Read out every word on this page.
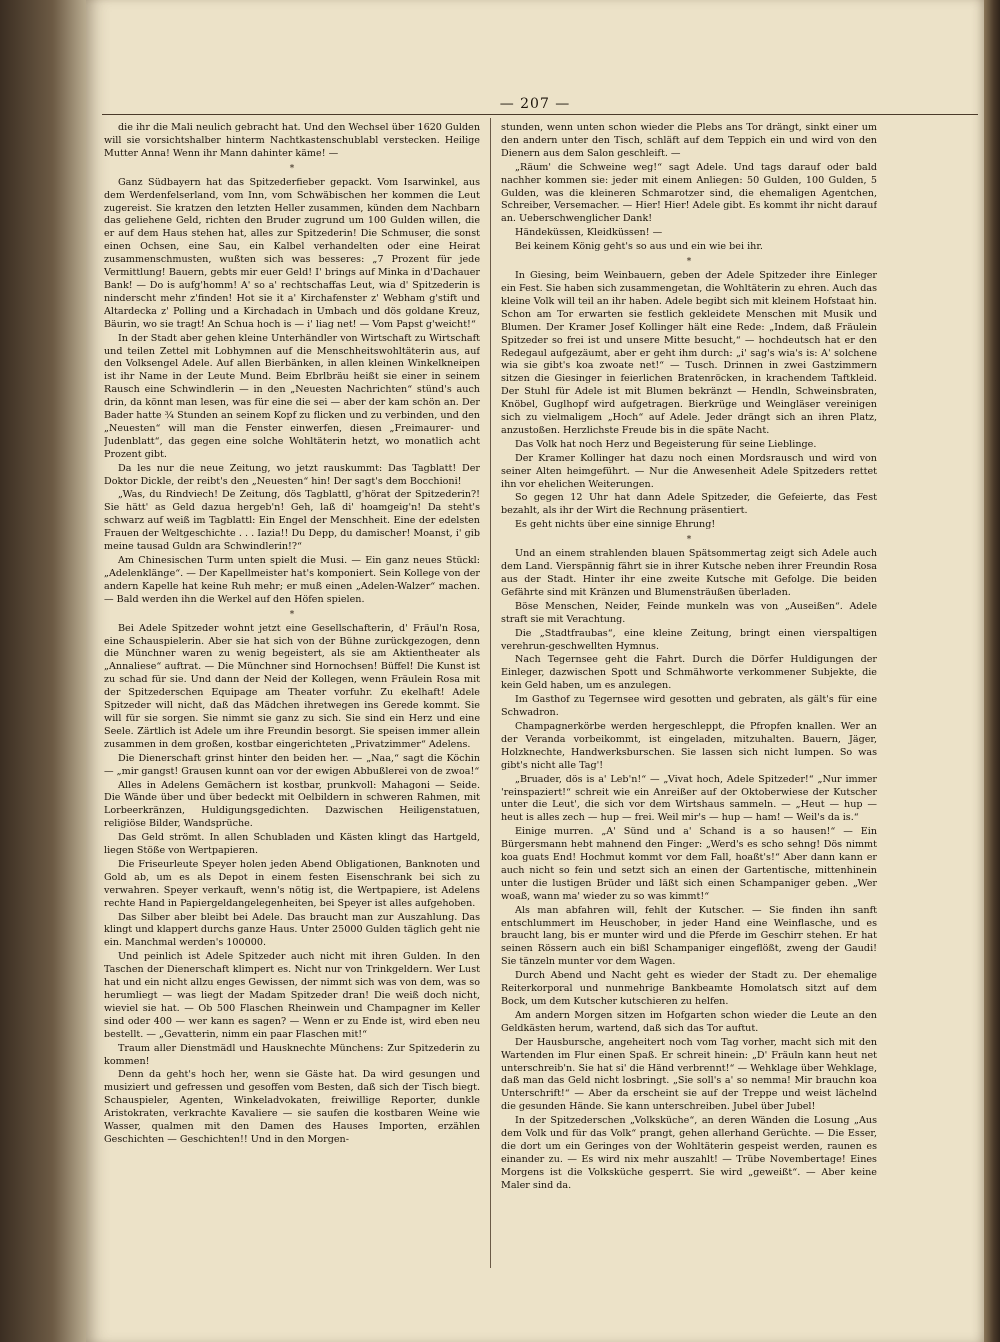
— 207 —

die ihr die Mali neulich gebracht hat. Und den Wechsel über 1620 Gulden will sie vorsichtshalber hinterm Nachtkastenschublabl verstecken. Heilige Mutter Anna! Wenn ihr Mann dahinter käme! —

*

Ganz Südbayern hat das Spitzederfieber gepackt. Vom Isarwinkel, aus dem Werdenfelserland, vom Inn, vom Schwäbischen her kommen die Leut zugereist. Sie kratzen den letzten Heller zusammen, künden dem Nachbarn das geliehene Geld, richten den Bruder zugrund um 100 Gulden willen, die er auf dem Haus stehen hat, alles zur Spitzederin! Die Schmuser, die sonst einen Ochsen, eine Sau, ein Kalbel verhandelten oder eine Heirat zusammenschmusten, wußten sich was besseres: „7 Prozent für jede Vermittlung! Bauern, gebts mir euer Geld! I' brings auf Minka in d'Dachauer Bank! — Do is aufg'homm! A' so a' rechtschaffas Leut, wia d' Spitzederin is ninderscht mehr z'finden! Hot sie it a' Kirchafenster z' Webham g'stift und Altardecka z' Polling und a Kirchadach in Umbach und dös goldane Kreuz, Bäurin, wo sie tragt! An Schua hoch is — i' liag net! — Vom Papst g'weicht!“

In der Stadt aber gehen kleine Unterhändler von Wirtschaft zu Wirtschaft und teilen Zettel mit Lobhymnen auf die Menschheitswohltäterin aus, auf den Volksengel Adele. Auf allen Bierbänken, in allen kleinen Winkelkneipen ist ihr Name in der Leute Mund. Beim Ebrlbräu heißt sie einer in seinem Rausch eine Schwindlerin — in den „Neuesten Nachrichten“ stünd's auch drin, da könnt man lesen, was für eine die sei — aber der kam schön an. Der Bader hatte ¾ Stunden an seinem Kopf zu flicken und zu verbinden, und den „Neuesten“ will man die Fenster einwerfen, diesen „Freimaurer- und Judenblatt“, das gegen eine solche Wohltäterin hetzt, wo monatlich acht Prozent gibt.

Da les nur die neue Zeitung, wo jetzt rauskummt: Das Tagblatt! Der Doktor Dickle, der reibt's den „Neuesten“ hin! Der sagt's dem Bocchioni!

„Was, du Rindviech! De Zeitung, dös Tagblattl, g'hörat der Spitzederin?! Sie hätt' as Geld dazua hergeb'n! Geh, laß di' hoamgeig'n! Da steht's schwarz auf weiß im Tagblattl: Ein Engel der Menschheit. Eine der edelsten Frauen der Weltgeschichte . . . Iazia!! Du Depp, du damischer! Moanst, i' gib meine tausad Guldn ara Schwindlerin!?“

Am Chinesischen Turm unten spielt die Musi. — Ein ganz neues Stückl: „Adelenklänge“. — Der Kapellmeister hat's komponiert. Sein Kollege von der andern Kapelle hat keine Ruh mehr; er muß einen „Adelen-Walzer“ machen. — Bald werden ihn die Werkel auf den Höfen spielen.

*

Bei Adele Spitzeder wohnt jetzt eine Gesellschafterin, d' Fräul'n Rosa, eine Schauspielerin. Aber sie hat sich von der Bühne zurückgezogen, denn die Münchner waren zu wenig begeistert, als sie am Aktientheater als „Annaliese“ auftrat. — Die Münchner sind Hornochsen! Büffel! Die Kunst ist zu schad für sie. Und dann der Neid der Kollegen, wenn Fräulein Rosa mit der Spitzederschen Equipage am Theater vorfuhr. Zu ekelhaft! Adele Spitzeder will nicht, daß das Mädchen ihretwegen ins Gerede kommt. Sie will für sie sorgen. Sie nimmt sie ganz zu sich. Sie sind ein Herz und eine Seele. Zärtlich ist Adele um ihre Freundin besorgt. Sie speisen immer allein zusammen in dem großen, kostbar eingerichteten „Privatzimmer“ Adelens.

Die Dienerschaft grinst hinter den beiden her. — „Naa,“ sagt die Köchin — „mir gangst! Grausen kunnt oan vor der ewigen Abbußlerei von de zwoa!“

Alles in Adelens Gemächern ist kostbar, prunkvoll: Mahagoni — Seide. Die Wände über und über bedeckt mit Oelbildern in schweren Rahmen, mit Lorbeerkränzen, Huldigungsgedichten. Dazwischen Heiligenstatuen, religiöse Bilder, Wandsprüche.

Das Geld strömt. In allen Schubladen und Kästen klingt das Hartgeld, liegen Stöße von Wertpapieren.

Die Friseurleute Speyer holen jeden Abend Obligationen, Banknoten und Gold ab, um es als Depot in einem festen Eisenschrank bei sich zu verwahren. Speyer verkauft, wenn's nötig ist, die Wertpapiere, ist Adelens rechte Hand in Papiergeldangelegenheiten, bei Speyer ist alles aufgehoben.

Das Silber aber bleibt bei Adele. Das braucht man zur Auszahlung. Das klingt und klappert durchs ganze Haus. Unter 25000 Gulden täglich geht nie ein. Manchmal werden's 100000.

Und peinlich ist Adele Spitzeder auch nicht mit ihren Gulden. In den Taschen der Dienerschaft klimpert es. Nicht nur von Trinkgeldern. Wer Lust hat und ein nicht allzu enges Gewissen, der nimmt sich was von dem, was so herumliegt — was liegt der Madam Spitzeder dran! Die weiß doch nicht, wieviel sie hat. — Ob 500 Flaschen Rheinwein und Champagner im Keller sind oder 400 — wer kann es sagen? — Wenn er zu Ende ist, wird eben neu bestellt. — „Gevatterin, nimm ein paar Flaschen mit!“

Traum aller Dienstmädl und Hausknechte Münchens: Zur Spitzederin zu kommen!

Denn da geht's hoch her, wenn sie Gäste hat. Da wird gesungen und musiziert und gefressen und gesoffen vom Besten, daß sich der Tisch biegt. Schauspieler, Agenten, Winkeladvokaten, freiwillige Reporter, dunkle Aristokraten, verkrachte Kavaliere — sie saufen die kostbaren Weine wie Wasser, qualmen mit den Damen des Hauses Importen, erzählen Geschichten — Geschichten!! Und in den Morgen-

stunden, wenn unten schon wieder die Plebs ans Tor drängt, sinkt einer um den andern unter den Tisch, schläft auf dem Teppich ein und wird von den Dienern aus dem Salon geschleift. —

„Räum' die Schweine weg!“ sagt Adele. Und tags darauf oder bald nachher kommen sie: jeder mit einem Anliegen: 50 Gulden, 100 Gulden, 5 Gulden, was die kleineren Schmarotzer sind, die ehemaligen Agentchen, Schreiber, Versemacher. — Hier! Hier! Adele gibt. Es kommt ihr nicht darauf an. Ueberschwenglicher Dank!

Händeküssen, Kleidküssen! —

Bei keinem König geht's so aus und ein wie bei ihr.

*

In Giesing, beim Weinbauern, geben der Adele Spitzeder ihre Einleger ein Fest. Sie haben sich zusammengetan, die Wohltäterin zu ehren. Auch das kleine Volk will teil an ihr haben. Adele begibt sich mit kleinem Hofstaat hin. Schon am Tor erwarten sie festlich gekleidete Menschen mit Musik und Blumen. Der Kramer Josef Kollinger hält eine Rede: „Indem, daß Fräulein Spitzeder so frei ist und unsere Mitte besucht,“ — hochdeutsch hat er den Redegaul aufgezäumt, aber er geht ihm durch: „i' sag's wia's is: A' solchene wia sie gibt's koa zwoate net!“ — Tusch. Drinnen in zwei Gastzimmern sitzen die Giesinger in feierlichen Bratenröcken, in krachendem Taftkleid. Der Stuhl für Adele ist mit Blumen bekränzt — Hendln, Schweinsbraten, Knöbel, Guglhopf wird aufgetragen. Bierkrüge und Weingläser vereinigen sich zu vielmaligem „Hoch“ auf Adele. Jeder drängt sich an ihren Platz, anzustoßen. Herzlichste Freude bis in die späte Nacht.

Das Volk hat noch Herz und Begeisterung für seine Lieblinge.

Der Kramer Kollinger hat dazu noch einen Mordsrausch und wird von seiner Alten heimgeführt. — Nur die Anwesenheit Adele Spitzeders rettet ihn vor ehelichen Weiterungen.

So gegen 12 Uhr hat dann Adele Spitzeder, die Gefeierte, das Fest bezahlt, als ihr der Wirt die Rechnung präsentiert.

Es geht nichts über eine sinnige Ehrung!

*

Und an einem strahlenden blauen Spätsommertag zeigt sich Adele auch dem Land. Vierspännig fährt sie in ihrer Kutsche neben ihrer Freundin Rosa aus der Stadt. Hinter ihr eine zweite Kutsche mit Gefolge. Die beiden Gefährte sind mit Kränzen und Blumensträußen überladen.

Böse Menschen, Neider, Feinde munkeln was von „Auseißen“. Adele straft sie mit Verachtung.

Die „Stadtfraubas“, eine kleine Zeitung, bringt einen vierspaltigen verehrun-geschwellten Hymnus.

Nach Tegernsee geht die Fahrt. Durch die Dörfer Huldigungen der Einleger, dazwischen Spott und Schmähworte verkommener Subjekte, die kein Geld haben, um es anzulegen.

Im Gasthof zu Tegernsee wird gesotten und gebraten, als gält's für eine Schwadron.

Champagnerkörbe werden hergeschleppt, die Pfropfen knallen. Wer an der Veranda vorbeikommt, ist eingeladen, mitzuhalten. Bauern, Jäger, Holzknechte, Handwerksburschen. Sie lassen sich nicht lumpen. So was gibt's nicht alle Tag'!

„Bruader, dös is a' Leb'n!“ — „Vivat hoch, Adele Spitzeder!“ „Nur immer 'reinspaziert!“ schreit wie ein Anreißer auf der Oktoberwiese der Kutscher unter die Leut', die sich vor dem Wirtshaus sammeln. — „Heut — hup — heut is alles zech — hup — frei. Weil mir's — hup — ham! — Weil's da is.“

Einige murren. „A' Sünd und a' Schand is a so hausen!“ — Ein Bürgersmann hebt mahnend den Finger: „Werd's es scho sehng! Dös nimmt koa guats End! Hochmut kommt vor dem Fall, hoaßt's!“ Aber dann kann er auch nicht so fein und setzt sich an einen der Gartentische, mittenhinein unter die lustigen Brüder und läßt sich einen Schampaniger geben. „Wer woaß, wann ma' wieder zu so was kimmt!“

Als man abfahren will, fehlt der Kutscher. — Sie finden ihn sanft entschlummert im Heuschober, in jeder Hand eine Weinflasche, und es braucht lang, bis er munter wird und die Pferde im Geschirr stehen. Er hat seinen Rössern auch ein bißl Schampaniger eingeflößt, zweng der Gaudi! Sie tänzeln munter vor dem Wagen.

Durch Abend und Nacht geht es wieder der Stadt zu. Der ehemalige Reiterkorporal und nunmehrige Bankbeamte Homolatsch sitzt auf dem Bock, um dem Kutscher kutschieren zu helfen.

Am andern Morgen sitzen im Hofgarten schon wieder die Leute an den Geldkästen herum, wartend, daß sich das Tor auftut.

Der Hausbursche, angeheitert noch vom Tag vorher, macht sich mit den Wartenden im Flur einen Spaß. Er schreit hinein: „D' Fräuln kann heut net unterschreib'n. Sie hat si' die Händ verbrennt!“ — Wehklage über Wehklage, daß man das Geld nicht losbringt. „Sie soll's a' so nemma! Mir brauchn koa Unterschrift!“ — Aber da erscheint sie auf der Treppe und weist lächelnd die gesunden Hände. Sie kann unterschreiben. Jubel über Jubel!

In der Spitzederschen „Volksküche“, an deren Wänden die Losung „Aus dem Volk und für das Volk“ prangt, gehen allerhand Gerüchte. — Die Esser, die dort um ein Geringes von der Wohltäterin gespeist werden, raunen es einander zu. — Es wird nix mehr auszahlt! — Trübe Novembertage! Eines Morgens ist die Volksküche gesperrt. Sie wird „geweißt“. — Aber keine Maler sind da.
